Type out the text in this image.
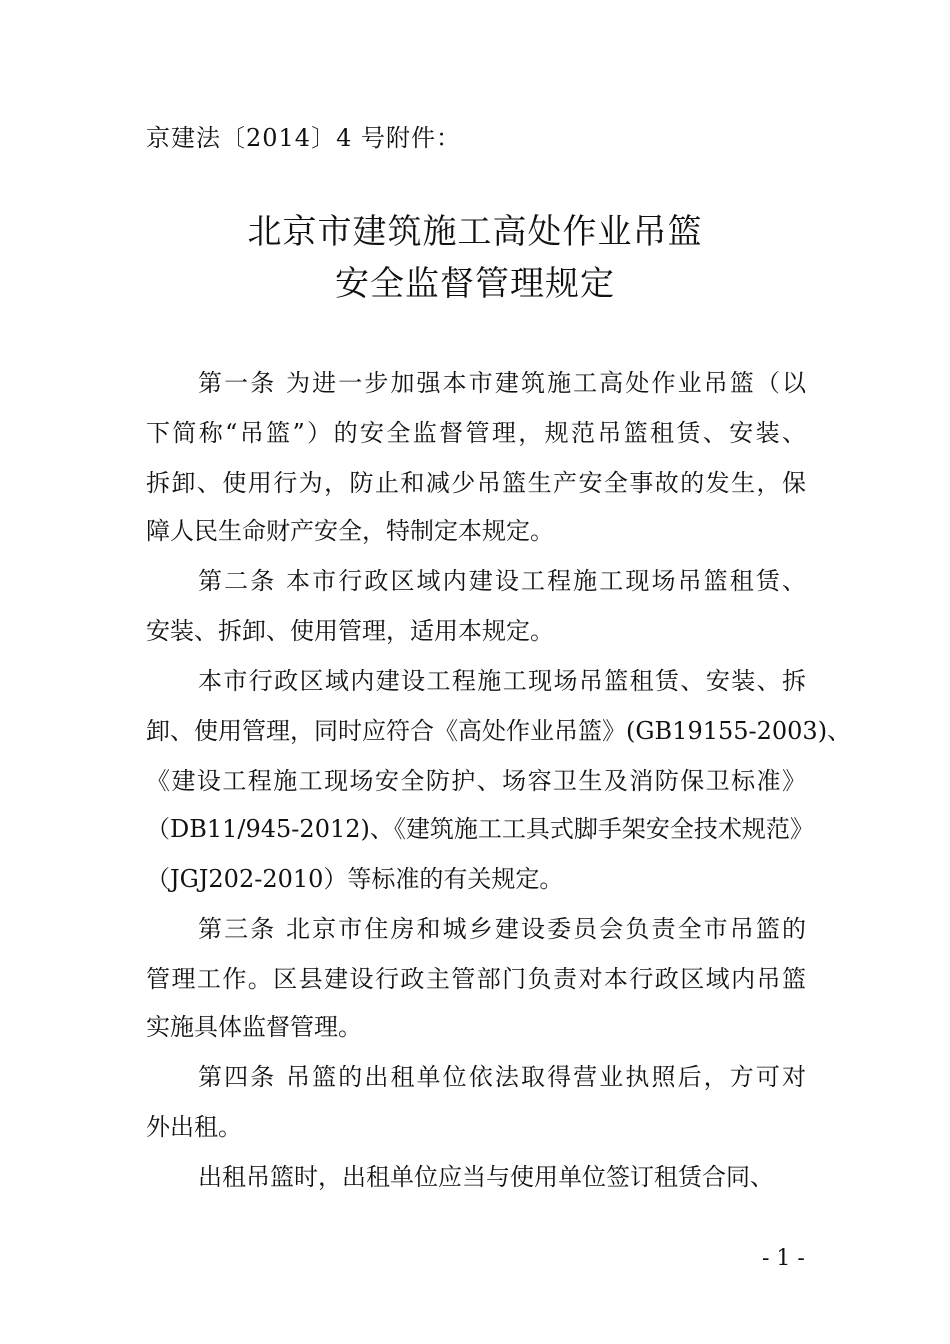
京建法〔2014〕4 号附件：
北京市建筑施工高处作业吊篮
安全监督管理规定
第一条 为进一步加强本市建筑施工高处作业吊篮（以
下简称“吊篮”）的安全监督管理，规范吊篮租赁、安装、
拆卸、使用行为，防止和减少吊篮生产安全事故的发生，保
障人民生命财产安全，特制定本规定。
第二条 本市行政区域内建设工程施工现场吊篮租赁、
安装、拆卸、使用管理，适用本规定。
本市行政区域内建设工程施工现场吊篮租赁、安装、拆
卸、使用管理，同时应符合《高处作业吊篮》(GB19155-2003)、
《建设工程施工现场安全防护、场容卫生及消防保卫标准》
（DB11/945-2012)、《建筑施工工具式脚手架安全技术规范》
（JGJ202-2010）等标准的有关规定。
第三条 北京市住房和城乡建设委员会负责全市吊篮的
管理工作。区县建设行政主管部门负责对本行政区域内吊篮
实施具体监督管理。
第四条 吊篮的出租单位依法取得营业执照后，方可对
外出租。
出租吊篮时，出租单位应当与使用单位签订租赁合同、
- 1 -
